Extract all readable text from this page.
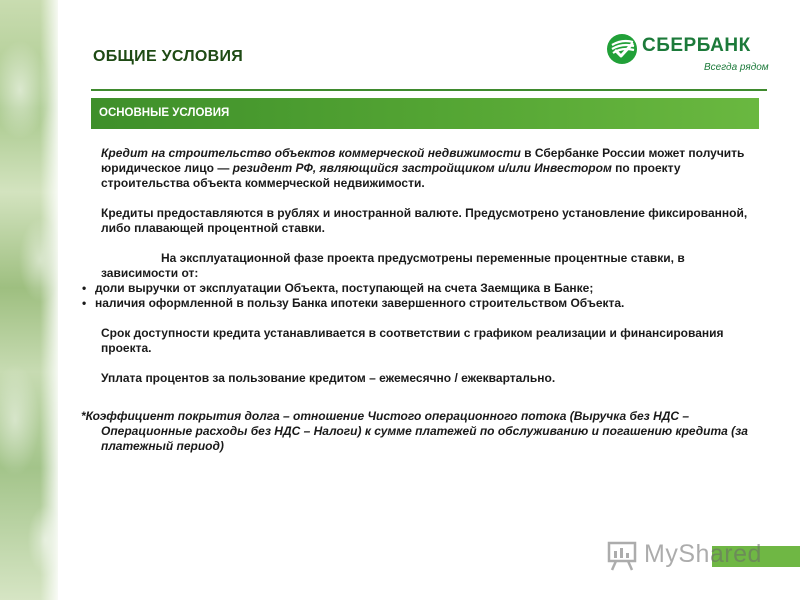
ОБЩИЕ УСЛОВИЯ
СБЕРБАНК
Всегда рядом
ОСНОВНЫЕ УСЛОВИЯ

Кредит на строительство объектов коммерческой недвижимости в Сбербанке России может получить юридическое лицо — резидент РФ, являющийся застройщиком и/или Инвестором по проекту строительства объекта коммерческой недвижимости.

Кредиты предоставляются в рублях и иностранной валюте. Предусмотрено установление фиксированной, либо плавающей процентной ставки.

На эксплуатационной фазе проекта предусмотрены переменные процентные ставки, в зависимости от:

• доли выручки от эксплуатации Объекта, поступающей на счета Заемщика в Банке;
• наличия оформленной в пользу Банка ипотеки завершенного строительством Объекта.

Срок доступности кредита устанавливается в соответствии с графиком реализации и финансирования проекта.

Уплата процентов за пользование кредитом – ежемесячно / ежеквартально.

*Коэффициент покрытия долга – отношение Чистого операционного потока (Выручка без НДС – Операционные расходы без НДС – Налоги) к сумме платежей по обслуживанию и погашению кредита (за платежный период)

MyShared
